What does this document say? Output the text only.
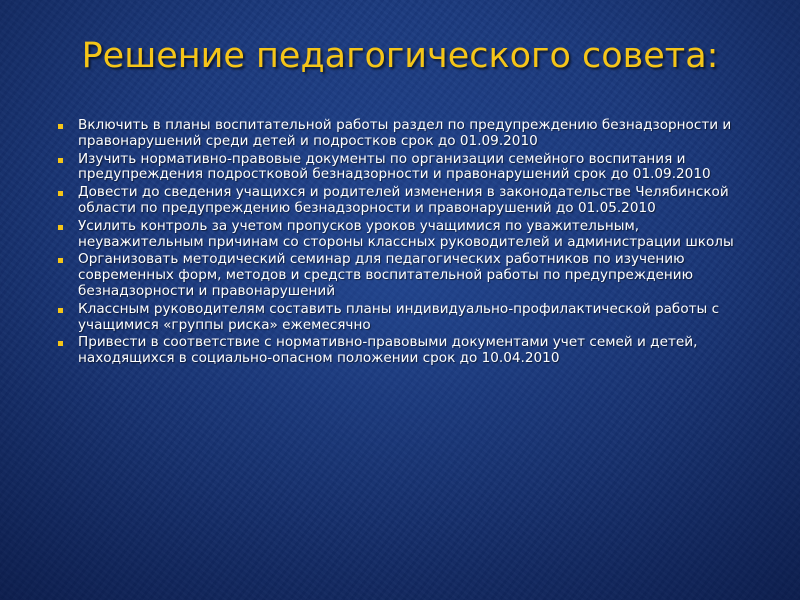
Решение педагогического совета:
Включить в планы воспитательной работы раздел по предупреждению безнадзорности и правонарушений среди детей и подростков срок до 01.09.2010
Изучить нормативно-правовые документы по организации семейного воспитания и предупреждения подростковой безнадзорности и правонарушений срок до 01.09.2010
Довести до сведения учащихся и родителей изменения в законодательстве Челябинской области по предупреждению безнадзорности и правонарушений до 01.05.2010
Усилить контроль за учетом пропусков уроков учащимися по уважительным, неуважительным причинам со стороны классных руководителей и администрации школы
Организовать методический семинар для педагогических работников по изучению современных форм, методов и средств воспитательной работы по предупреждению безнадзорности и правонарушений
Классным руководителям составить планы индивидуально-профилактической работы с учащимися «группы риска» ежемесячно
Привести в соответствие с нормативно-правовыми документами учет семей и детей, находящихся в социально-опасном положении срок до 10.04.2010
